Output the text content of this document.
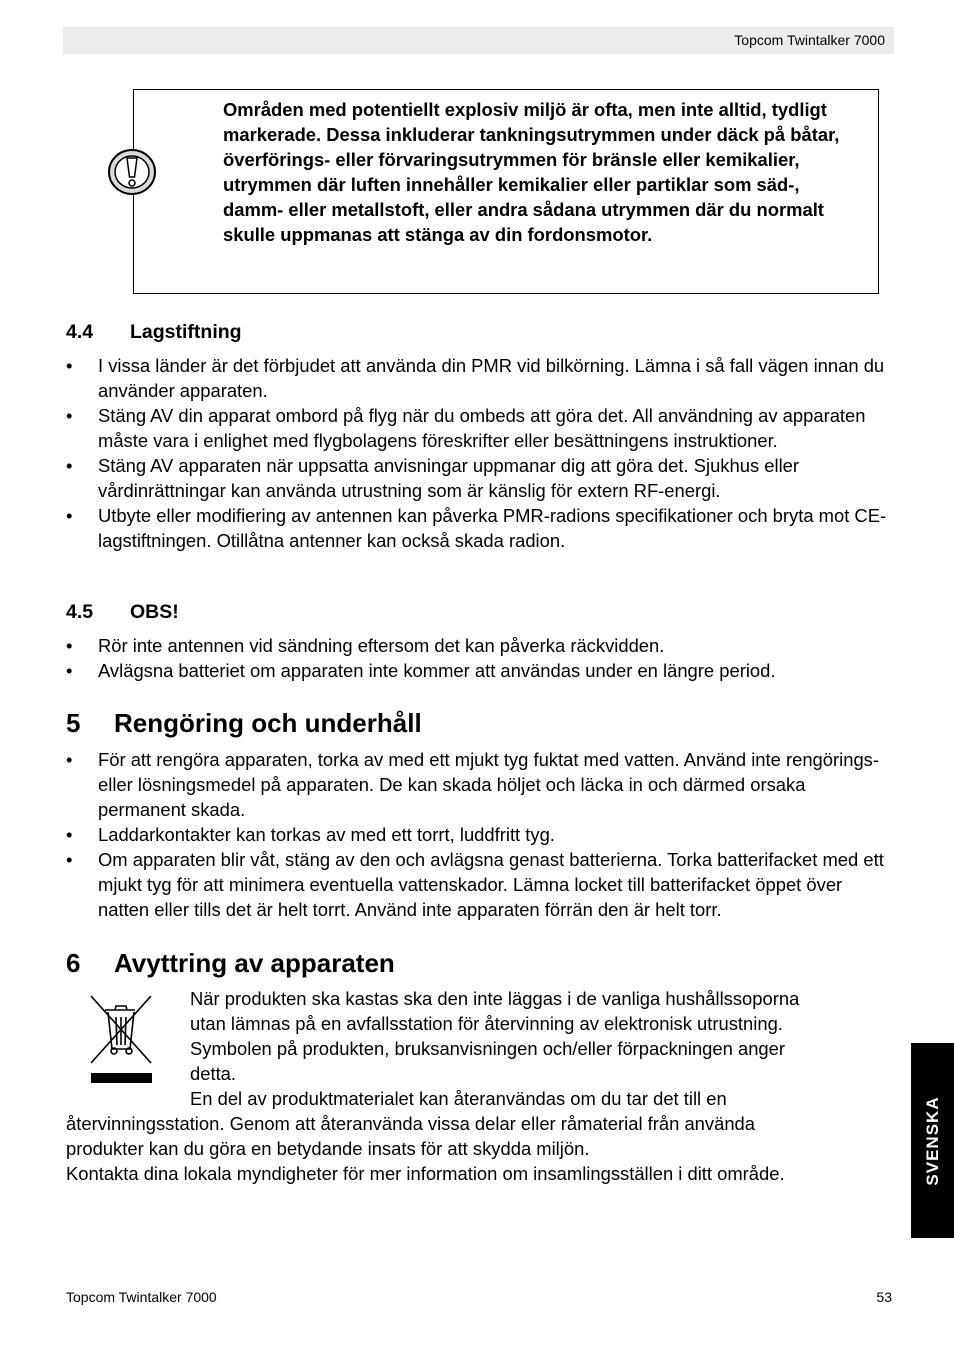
Topcom Twintalker 7000
Områden med potentiellt explosiv miljö är ofta, men inte alltid, tydligt markerade. Dessa inkluderar tankningsutrymmen under däck på båtar, överförings- eller förvaringsutrymmen för bränsle eller kemikalier, utrymmen där luften innehåller kemikalier eller partiklar som säd-, damm- eller metallstoft, eller andra sådana utrymmen där du normalt skulle uppmanas att stänga av din fordonsmotor.
4.4 Lagstiftning
•	I vissa länder är det förbjudet att använda din PMR vid bilkörning. Lämna i så fall vägen innan du använder apparaten.
•	Stäng AV din apparat ombord på flyg när du ombeds att göra det. All användning av apparaten måste vara i enlighet med flygbolagens föreskrifter eller besättningens instruktioner.
•	Stäng AV apparaten när uppsatta anvisningar uppmanar dig att göra det. Sjukhus eller vårdinrättningar kan använda utrustning som är känslig för extern RF-energi.
•	Utbyte eller modifiering av antennen kan påverka PMR-radions specifikationer och bryta mot CE-lagstiftningen. Otillåtna antenner kan också skada radion.
4.5 OBS!
•	Rör inte antennen vid sändning eftersom det kan påverka räckvidden.
•	Avlägsna batteriet om apparaten inte kommer att användas under en längre period.
5 Rengöring och underhåll
•	För att rengöra apparaten, torka av med ett mjukt tyg fuktat med vatten. Använd inte rengörings- eller lösningsmedel på apparaten. De kan skada höljet och läcka in och därmed orsaka permanent skada.
•	Laddarkontakter kan torkas av med ett torrt, luddfritt tyg.
•	Om apparaten blir våt, stäng av den och avlägsna genast batterierna. Torka batterifacket med ett mjukt tyg för att minimera eventuella vattenskador. Lämna locket till batterifacket öppet över natten eller tills det är helt torrt. Använd inte apparaten förrän den är helt torr.
6 Avyttring av apparaten
När produkten ska kastas ska den inte läggas i de vanliga hushållssoporna
utan lämnas på en avfallsstation för återvinning av elektronisk utrustning.
Symbolen på produkten, bruksanvisningen och/eller förpackningen anger
detta.
En del av produktmaterialet kan återanvändas om du tar det till en
återvinningsstation. Genom att återanvända vissa delar eller råmaterial från använda
produkter kan du göra en betydande insats för att skydda miljön.
Kontakta dina lokala myndigheter för mer information om insamlingsställen i ditt område.	SVENSKA
Topcom Twintalker 7000	53
